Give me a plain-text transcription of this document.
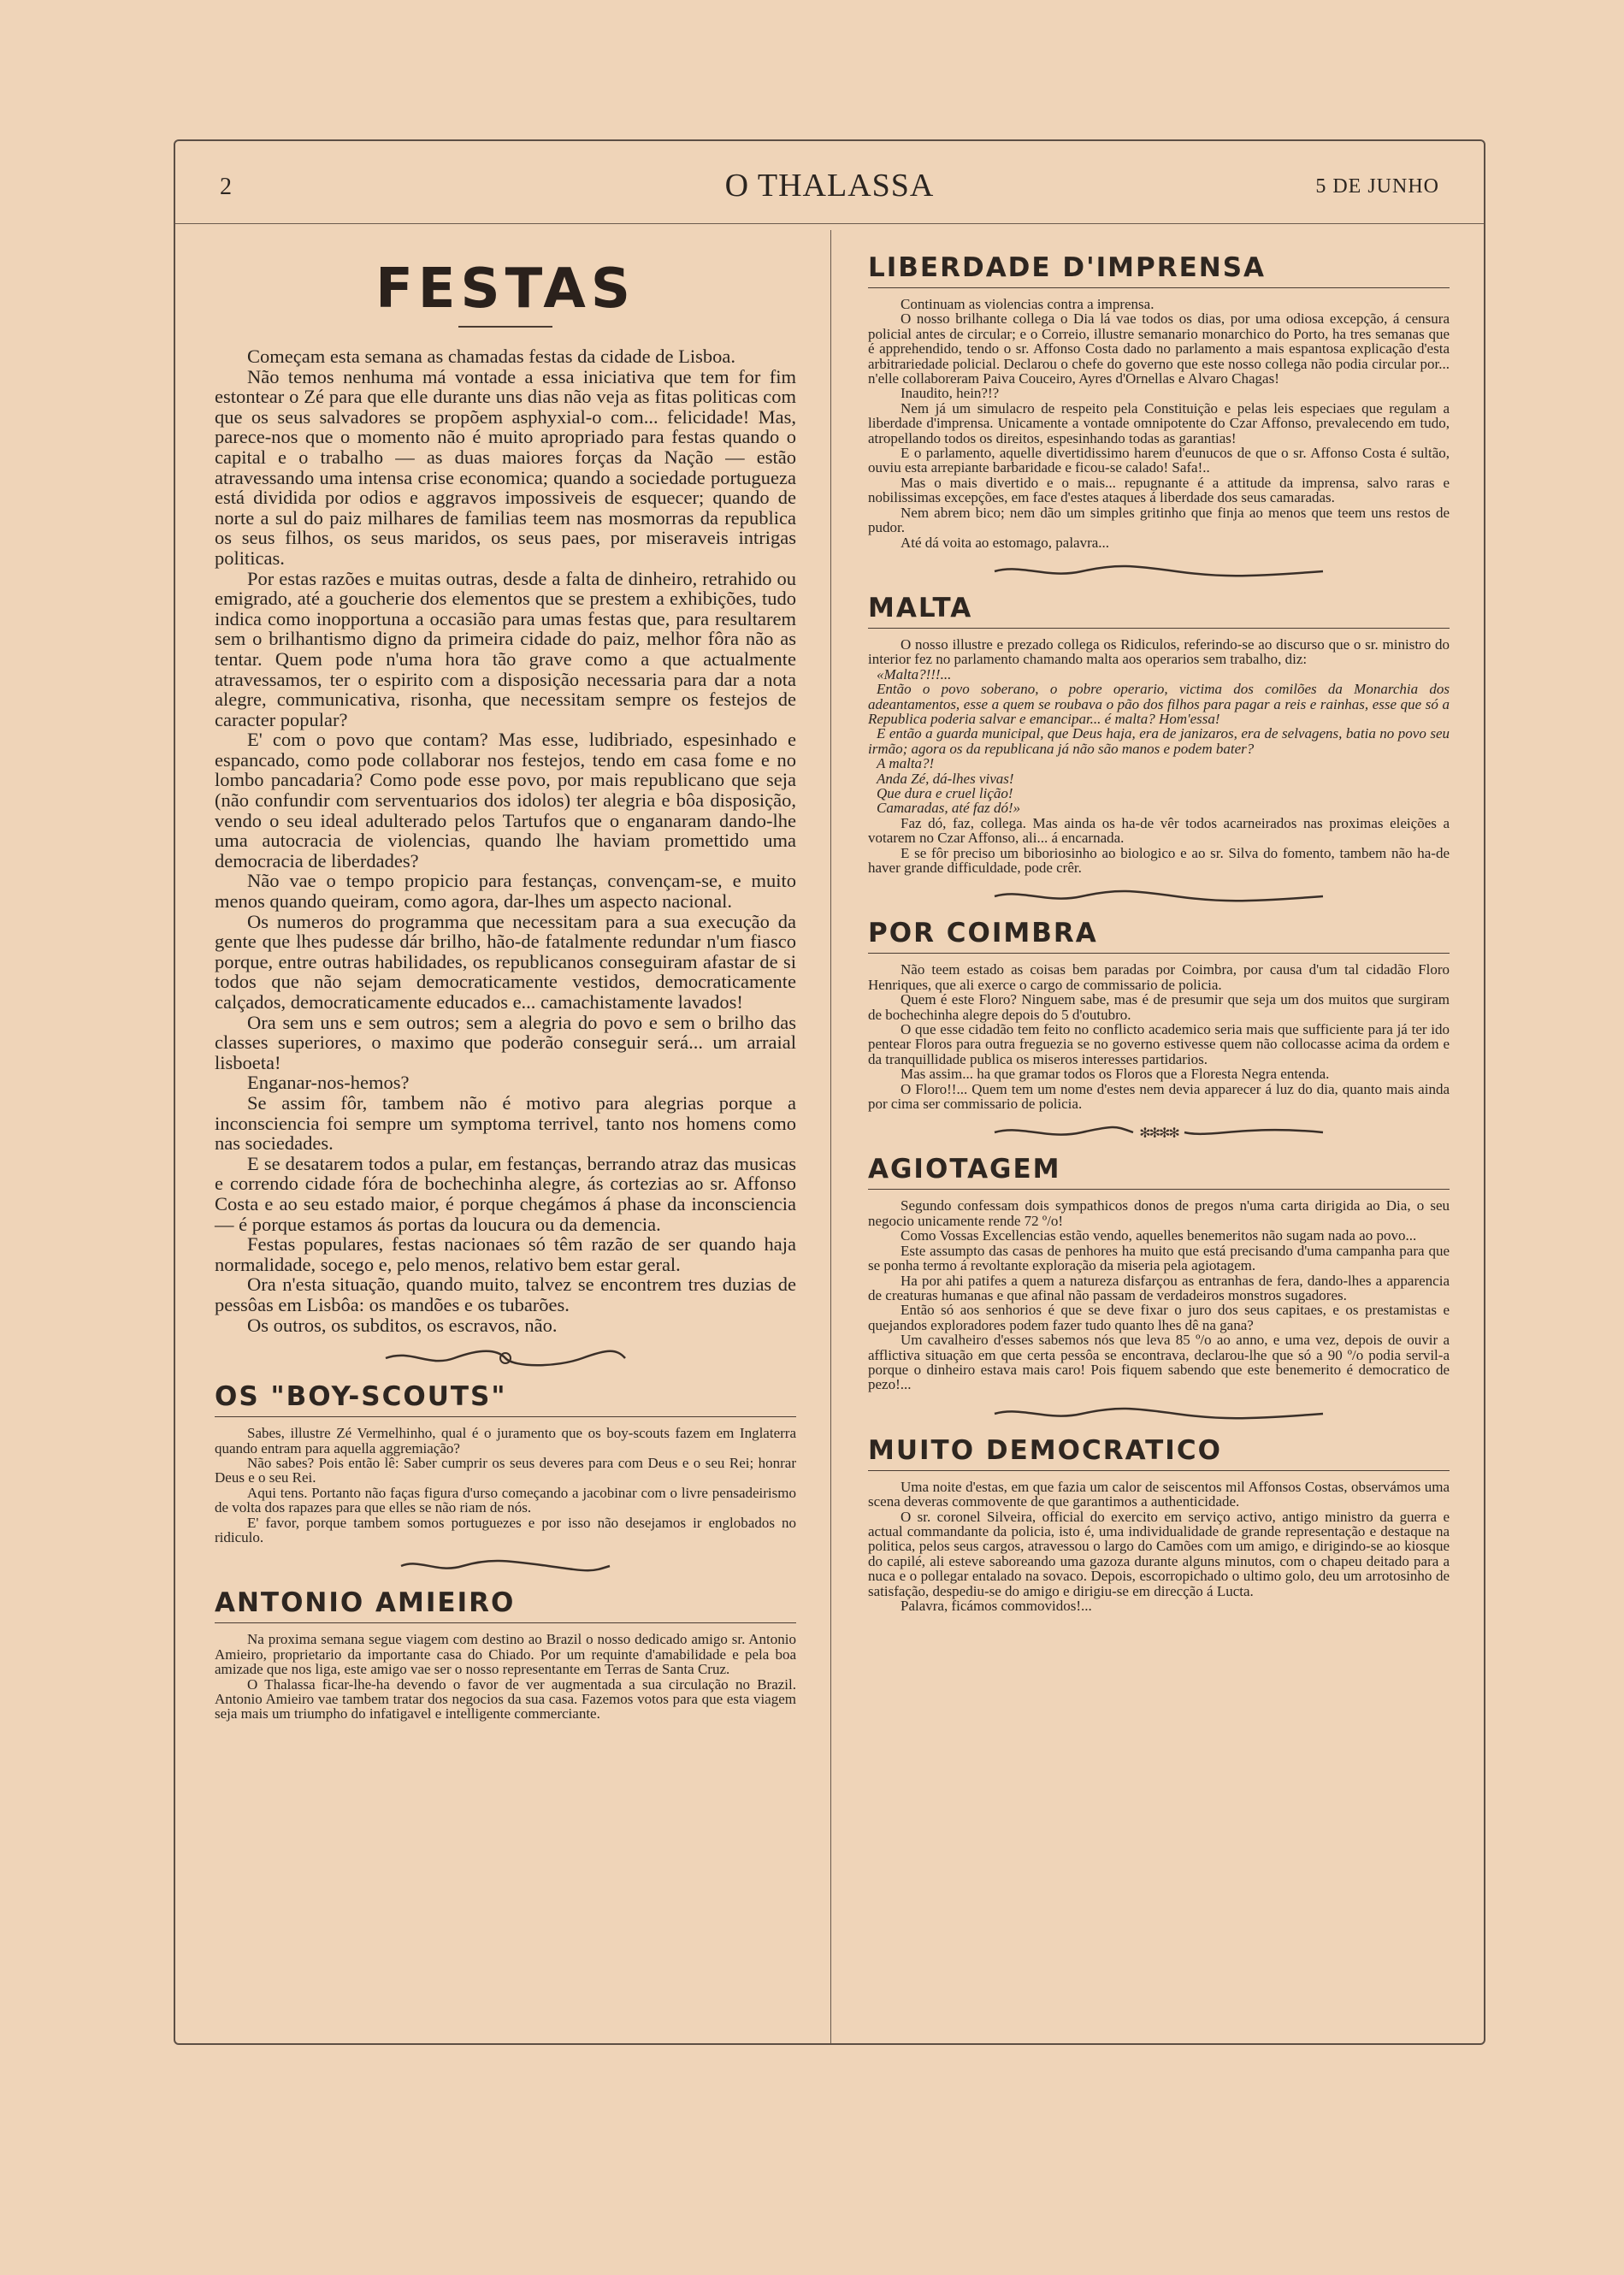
2	O THALASSA	5 DE JUNHO
FESTAS

Começam esta semana as chamadas festas da cidade de Lisboa.

Não temos nenhuma má vontade a essa iniciativa que tem for fim estontear o Zé para que elle durante uns dias não veja as fitas politicas com que os seus salvadores se propõem asphyxial-o com... felicidade! Mas, parece-nos que o momento não é muito apropriado para festas quando o capital e o trabalho — as duas maiores forças da Nação — estão atravessando uma intensa crise economica; quando a sociedade portugueza está dividida por odios e aggravos impossiveis de esquecer; quando de norte a sul do paiz milhares de familias teem nas mosmorras da republica os seus filhos, os seus maridos, os seus paes, por miseraveis intrigas politicas.

Por estas razões e muitas outras, desde a falta de dinheiro, retrahido ou emigrado, até a goucherie dos elementos que se prestem a exhibições, tudo indica como inopportuna a occasião para umas festas que, para resultarem sem o brilhantismo digno da primeira cidade do paiz, melhor fôra não as tentar. Quem pode n'uma hora tão grave como a que actualmente atravessamos, ter o espirito com a disposição necessaria para dar a nota alegre, communicativa, risonha, que necessitam sempre os festejos de caracter popular?

E' com o povo que contam? Mas esse, ludibriado, espesinhado e espancado, como pode collaborar nos festejos, tendo em casa fome e no lombo pancadaria? Como pode esse povo, por mais republicano que seja (não confundir com serventuarios dos idolos) ter alegria e bôa disposição, vendo o seu ideal adulterado pelos Tartufos que o enganaram dando-lhe uma autocracia de violencias, quando lhe haviam promettido uma democracia de liberdades?

Não vae o tempo propicio para festanças, convençam-se, e muito menos quando queiram, como agora, dar-lhes um aspecto nacional.

Os numeros do programma que necessitam para a sua execução da gente que lhes pudesse dár brilho, hão-de fatalmente redundar n'um fiasco porque, entre outras habilidades, os republicanos conseguiram afastar de si todos que não sejam democraticamente vestidos, democraticamente calçados, democraticamente educados e... camachistamente lavados!

Ora sem uns e sem outros; sem a alegria do povo e sem o brilho das classes superiores, o maximo que poderão conseguir será... um arraial lisboeta!

Enganar-nos-hemos?

Se assim fôr, tambem não é motivo para alegrias porque a inconsciencia foi sempre um symptoma terrivel, tanto nos homens como nas sociedades.

E se desatarem todos a pular, em festanças, berrando atraz das musicas e correndo cidade fóra de bochechinha alegre, ás cortezias ao sr. Affonso Costa e ao seu estado maior, é porque chegámos á phase da inconsciencia — é porque estamos ás portas da loucura ou da demencia.

Festas populares, festas nacionaes só têm razão de ser quando haja normalidade, socego e, pelo menos, relativo bem estar geral.

Ora n'esta situação, quando muito, talvez se encontrem tres duzias de pessôas em Lisbôa: os mandões e os tubarões.

Os outros, os subditos, os escravos, não.

OS "BOY-SCOUTS"

Sabes, illustre Zé Vermelhinho, qual é o juramento que os boy-scouts fazem em Inglaterra quando entram para aquella aggremiação?

Não sabes? Pois então lê: Saber cumprir os seus deveres para com Deus e o seu Rei; honrar Deus e o seu Rei.

Aqui tens. Portanto não faças figura d'urso começando a jacobinar com o livre pensadeirismo de volta dos rapazes para que elles se não riam de nós.

E' favor, porque tambem somos portuguezes e por isso não desejamos ir englobados no ridiculo.

ANTONIO AMIEIRO

Na proxima semana segue viagem com destino ao Brazil o nosso dedicado amigo sr. Antonio Amieiro, proprietario da importante casa do Chiado. Por um requinte d'amabilidade e pela boa amizade que nos liga, este amigo vae ser o nosso representante em Terras de Santa Cruz.

O Thalassa ficar-lhe-ha devendo o favor de ver augmentada a sua circulação no Brazil. Antonio Amieiro vae tambem tratar dos negocios da sua casa. Fazemos votos para que esta viagem seja mais um triumpho do infatigavel e intelligente commerciante.

LIBERDADE D'IMPRENSA

Continuam as violencias contra a imprensa.

O nosso brilhante collega o Dia lá vae todos os dias, por uma odiosa excepção, á censura policial antes de circular; e o Correio, illustre semanario monarchico do Porto, ha tres semanas que é apprehendido, tendo o sr. Affonso Costa dado no parlamento a mais espantosa explicação d'esta arbitrariedade policial. Declarou o chefe do governo que este nosso collega não podia circular por... n'elle collaboreram Paiva Couceiro, Ayres d'Ornellas e Alvaro Chagas!

Inaudito, hein?!?

Nem já um simulacro de respeito pela Constituição e pelas leis especiaes que regulam a liberdade d'imprensa. Unicamente a vontade omnipotente do Czar Affonso, prevalecendo em tudo, atropellando todos os direitos, espesinhando todas as garantias!

E o parlamento, aquelle divertidissimo harem d'eunucos de que o sr. Affonso Costa é sultão, ouviu esta arrepiante barbaridade e ficou-se calado! Safa!..

Mas o mais divertido e o mais... repugnante é a attitude da imprensa, salvo raras e nobilissimas excepções, em face d'estes ataques á liberdade dos seus camaradas.

Nem abrem bico; nem dão um simples gritinho que finja ao menos que teem uns restos de pudor.

Até dá voita ao estomago, palavra...

MALTA

O nosso illustre e prezado collega os Ridiculos, referindo-se ao discurso que o sr. ministro do interior fez no parlamento chamando malta aos operarios sem trabalho, diz:

«Malta?!!!...

Então o povo soberano, o pobre operario, victima dos comilões da Monarchia dos adeantamentos, esse a quem se roubava o pão dos filhos para pagar a reis e rainhas, esse que só a Republica poderia salvar e emancipar... é malta? Hom'essa!

E então a guarda municipal, que Deus haja, era de janizaros, era de selvagens, batia no povo seu irmão; agora os da republicana já não são manos e podem bater?

A malta?!

Anda Zé, dá-lhes vivas!

Que dura e cruel lição!

Camaradas, até faz dó!»

Faz dó, faz, collega. Mas ainda os ha-de vêr todos acarneirados nas proximas eleições a votarem no Czar Affonso, ali... á encarnada.

E se fôr preciso um biboriosinho ao biologico e ao sr. Silva do fomento, tambem não ha-de haver grande difficuldade, pode crêr.

POR COIMBRA

Não teem estado as coisas bem paradas por Coimbra, por causa d'um tal cidadão Floro Henriques, que ali exerce o cargo de commissario de policia.

Quem é este Floro? Ninguem sabe, mas é de presumir que seja um dos muitos que surgiram de bochechinha alegre depois do 5 d'outubro.

O que esse cidadão tem feito no conflicto academico seria mais que sufficiente para já ter ido pentear Floros para outra freguezia se no governo estivesse quem não collocasse acima da ordem e da tranquillidade publica os miseros interesses partidarios.

Mas assim... ha que gramar todos os Floros que a Floresta Negra entenda.

O Floro!!... Quem tem um nome d'estes nem devia apparecer á luz do dia, quanto mais ainda por cima ser commissario de policia.

✻✻✻✻
AGIOTAGEM

Segundo confessam dois sympathicos donos de pregos n'uma carta dirigida ao Dia, o seu negocio unicamente rende 72 º/o!

Como Vossas Excellencias estão vendo, aquelles benemeritos não sugam nada ao povo...

Este assumpto das casas de penhores ha muito que está precisando d'uma campanha para que se ponha termo á revoltante exploração da miseria pela agiotagem.

Ha por ahi patifes a quem a natureza disfarçou as entranhas de fera, dando-lhes a apparencia de creaturas humanas e que afinal não passam de verdadeiros monstros sugadores.

Então só aos senhorios é que se deve fixar o juro dos seus capitaes, e os prestamistas e quejandos exploradores podem fazer tudo quanto lhes dê na gana?

Um cavalheiro d'esses sabemos nós que leva 85 º/o ao anno, e uma vez, depois de ouvir a afflictiva situação em que certa pessôa se encontrava, declarou-lhe que só a 90 º/o podia servil-a porque o dinheiro estava mais caro! Pois fiquem sabendo que este benemerito é democratico de pezo!...

MUITO DEMOCRATICO

Uma noite d'estas, em que fazia um calor de seiscentos mil Affonsos Costas, observámos uma scena deveras commovente de que garantimos a authenticidade.

O sr. coronel Silveira, official do exercito em serviço activo, antigo ministro da guerra e actual commandante da policia, isto é, uma individualidade de grande representação e destaque na politica, pelos seus cargos, atravessou o largo do Camões com um amigo, e dirigindo-se ao kiosque do capilé, ali esteve saboreando uma gazoza durante alguns minutos, com o chapeu deitado para a nuca e o pollegar entalado na sovaco. Depois, escorropichado o ultimo golo, deu um arrotosinho de satisfação, despediu-se do amigo e dirigiu-se em direcção á Lucta.

Palavra, ficámos commovidos!...
